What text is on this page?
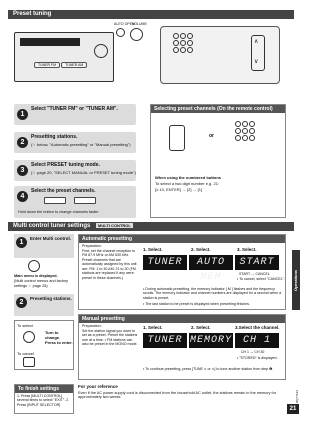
Preset tuning
TUNER FM	TUNER AM
AUTO OPEN
VOLUME
∧
∨
1
Select "TUNER FM" or "TUNER AM".
2
Presetting stations.
(☞ below, "Automatic presetting" or "Manual presetting")
3
Select PRESET tuning mode.
(☞ page 20, "SELECT MANUAL or PRESET tuning mode")
4
Select the preset channels.
Hold down the button to change channels faster.
Selecting preset channels (On the remote control)
or
When using the numbered buttons
To select a two digit number e.g. 21:
[≥ 10, ENTER] → [2] → [1]
Multi control tuner settings MULTI CONTROL
1
Enter Multi control.
Main menu is displayed.
(Multi control menus and factory settings ☞ page 28)
2
Presetting stations.
To select
Turn to change.
Press to enter.
To cancel
Automatic presetting
Preparation:
First, set the channel reception to FM 87.9 MHz or AM 530 kHz. Preset channels that are automatically assigned by this unit are: FM: 1 to 30 AM: 21 to 30 (FM stations are replaced if any were preset in these channels.)
1. Select.	2. Select.	3. Select.
TUNER	AUTO MEM
START
START ↔ CANCEL
• To cancel, select "CANCEL".
• During automatic presetting, the memory indicator [ M ] flashes and the frequency scrolls. The memory indicator and channel numbers are displayed for a second when a station is preset.
• The last station to be preset is displayed when presetting finishes.
Manual presetting
Preparation:
Set the station signal you want to set as a preset. Preset the stations one at a time. • FM stations can also be preset in the MONO mode.
1. Select.	2. Select.	3.Select the channel.
TUNER MEMORY	CH 1
CH 1 ↔ CH 30
• "STORED" is displayed.
• To continue presetting, press [TUNE ∨ or ∧] to tune another station from step ❶.
To finish settings
1. Press [MULTI CONTROL] several times to select "EXIT". 2. Press [INPUT SELECTOR]
For your reference
Even if the AC power supply cord is disconnected from the household AC outlet, the stations remain in the memory for approximately two weeks.
Operations
21
RQT7193
